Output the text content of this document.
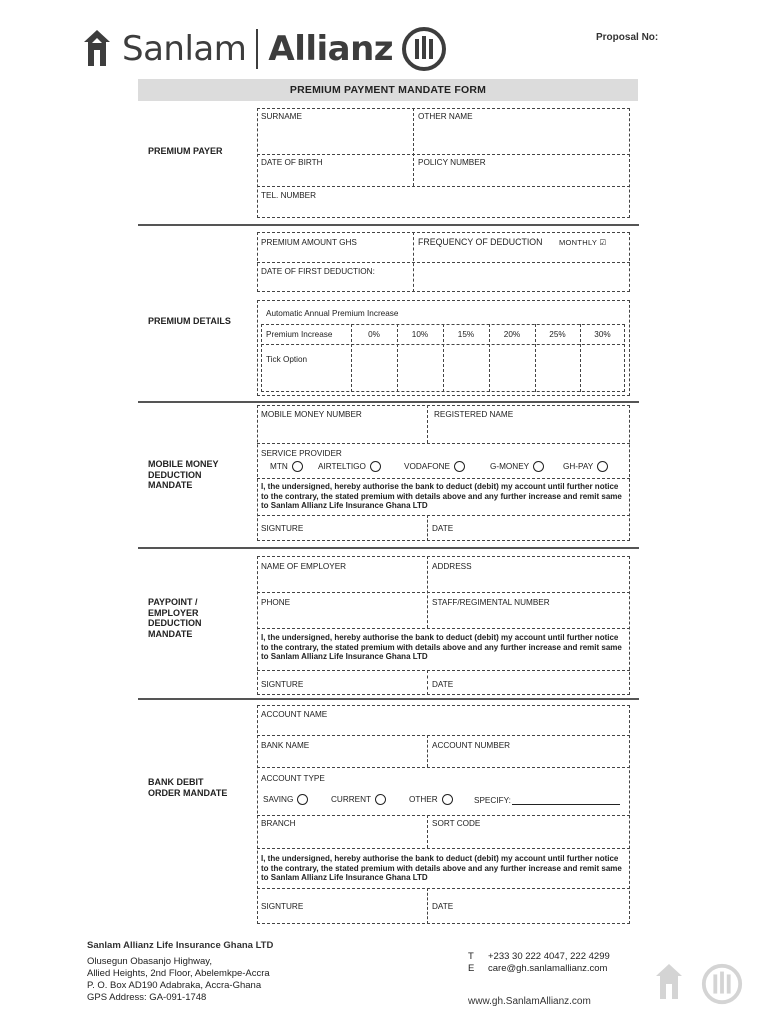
Sanlam Allianz	Proposal No:
PREMIUM PAYMENT MANDATE FORM
PREMIUM PAYER
SURNAME	OTHER NAME
DATE OF BIRTH	POLICY NUMBER
TEL. NUMBER
PREMIUM DETAILS
PREMIUM AMOUNT GHS	FREQUENCY OF DEDUCTION MONTHLY ☑
DATE OF FIRST DEDUCTION:
Automatic Annual Premium Increase
Premium Increase	0%	10%	15%	20%	25%	30%
Tick Option
MOBILE MONEY
DEDUCTION
MANDATE
MOBILE MONEY NUMBER	REGISTERED NAME
SERVICE PROVIDER
MTN	AIRTELTIGO	VODAFONE	G-MONEY	GH-PAY
I, the undersigned, hereby authorise the bank to deduct (debit) my account until further notice to the contrary, the stated premium with details above and any further increase and remit same to Sanlam Allianz Life Insurance Ghana LTD
SIGNTURE	DATE
PAYPOINT /
EMPLOYER
DEDUCTION
MANDATE
NAME OF EMPLOYER	ADDRESS
PHONE	STAFF/REGIMENTAL NUMBER
I, the undersigned, hereby authorise the bank to deduct (debit) my account until further notice to the contrary, the stated premium with details above and any further increase and remit same to Sanlam Allianz Life Insurance Ghana LTD
SIGNTURE	DATE
BANK DEBIT
ORDER MANDATE
ACCOUNT NAME
BANK NAME	ACCOUNT NUMBER
ACCOUNT TYPE
SAVING	CURRENT	OTHER	SPECIFY:
BRANCH	SORT CODE
I, the undersigned, hereby authorise the bank to deduct (debit) my account until further notice to the contrary, the stated premium with details above and any further increase and remit same to Sanlam Allianz Life Insurance Ghana LTD
SIGNTURE	DATE
Sanlam Allianz Life Insurance Ghana LTD
Olusegun Obasanjo Highway,
Allied Heights, 2nd Floor, Abelemkpe-Accra
P. O. Box AD190 Adabraka, Accra-Ghana
GPS Address: GA-091-1748
T +233 30 222 4047, 222 4299
E care@gh.sanlamallianz.com
www.gh.SanlamAllianz.com
